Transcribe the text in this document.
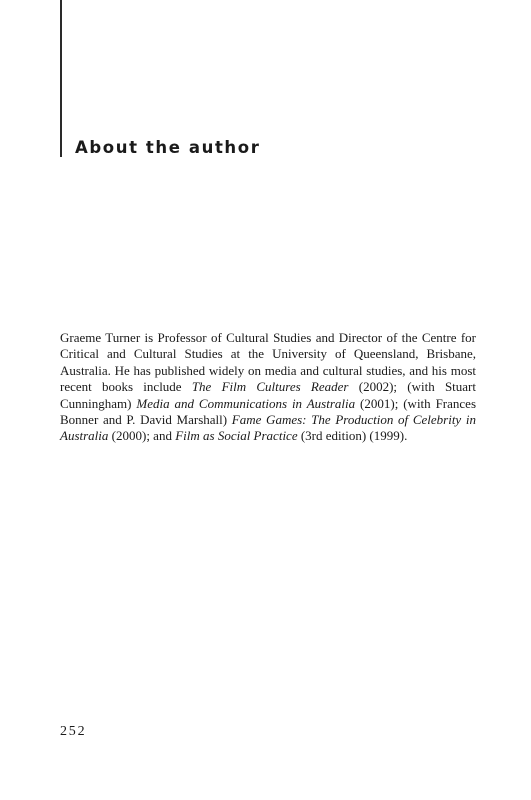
About the author
Graeme Turner is Professor of Cultural Studies and Director of the Centre for
Critical and Cultural Studies at the University of Queensland, Brisbane,
Australia. He has published widely on media and cultural studies, and his most
recent books include The Film Cultures Reader (2002); (with Stuart
Cunningham) Media and Communications in Australia (2001); (with Frances
Bonner and P. David Marshall) Fame Games: The Production of Celebrity in
Australia (2000); and Film as Social Practice (3rd edition) (1999).
252
